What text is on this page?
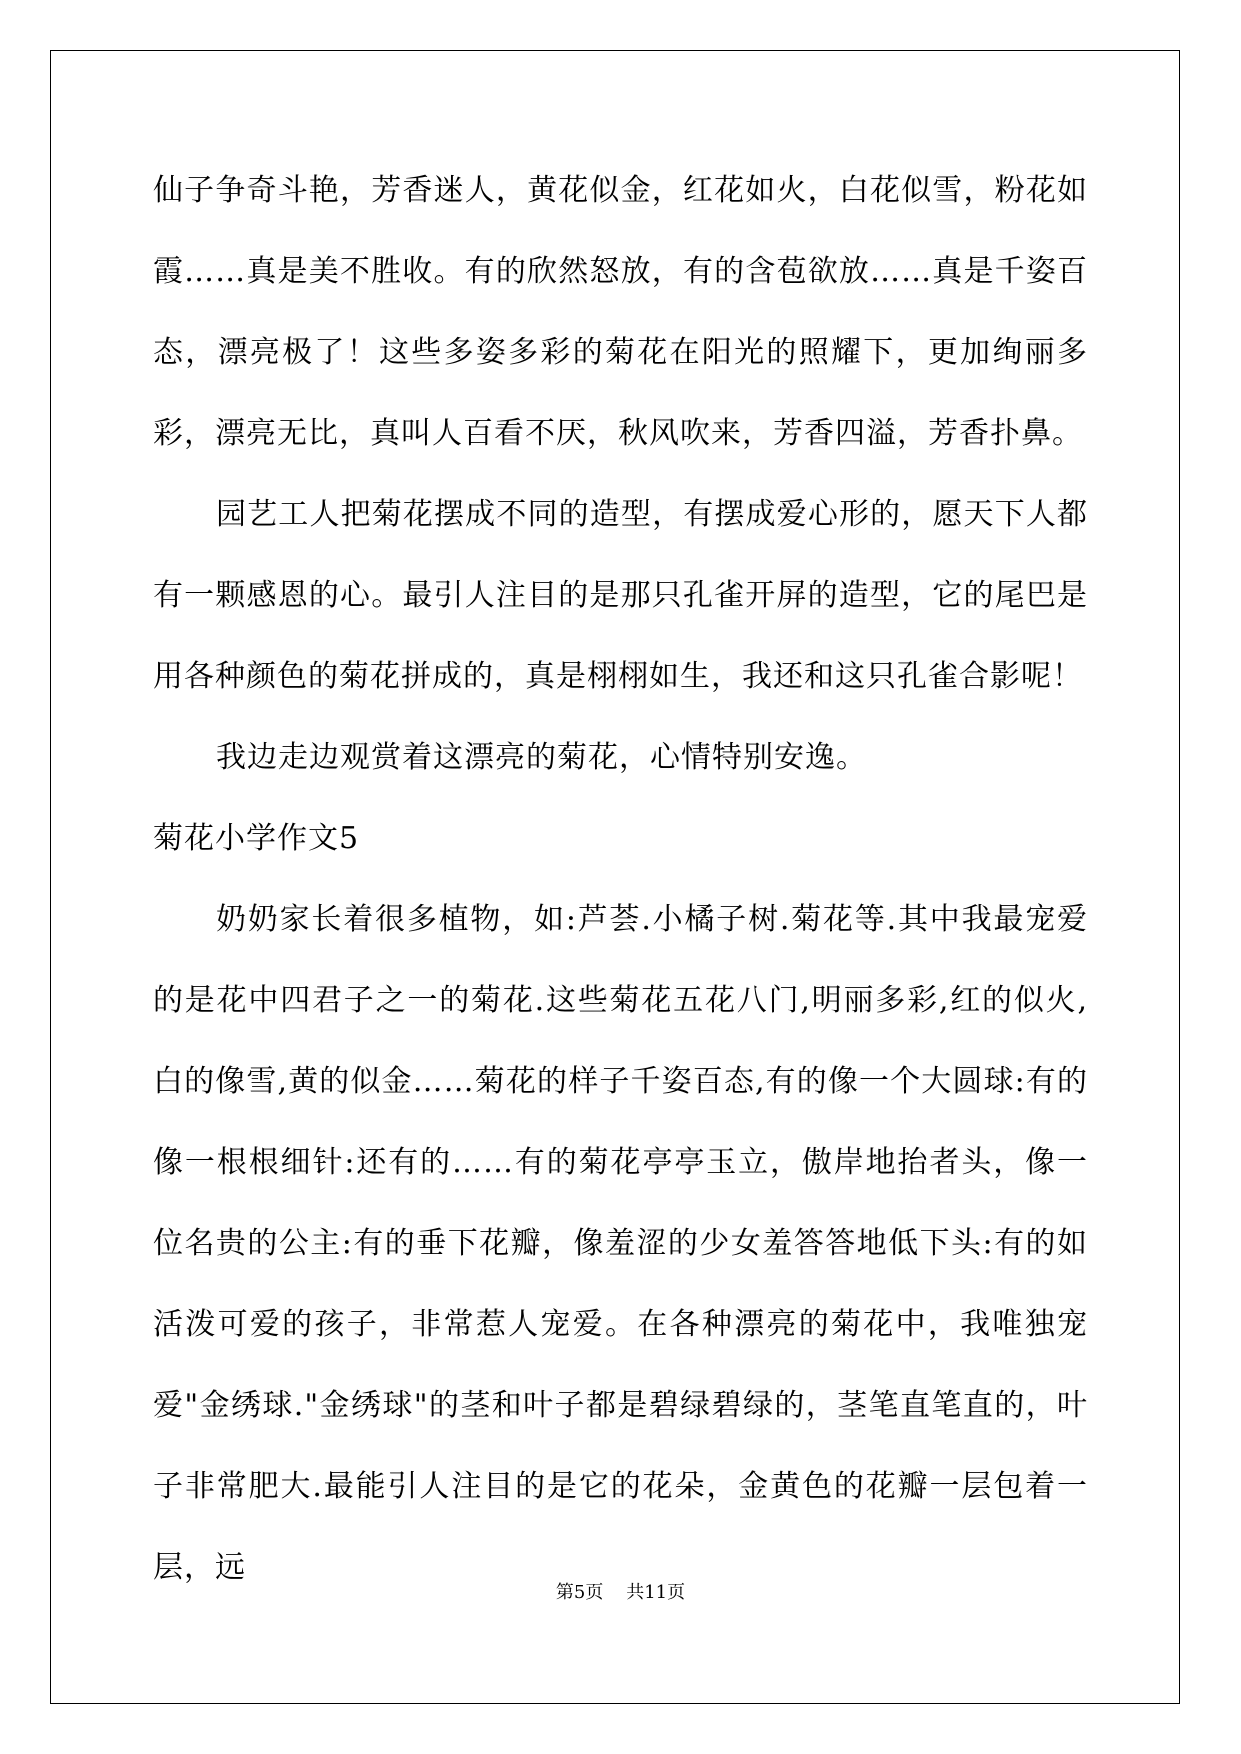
仙子争奇斗艳，芳香迷人，黄花似金，红花如火，白花似雪，粉花如霞……真是美不胜收。有的欣然怒放，有的含苞欲放……真是千姿百态，漂亮极了！这些多姿多彩的菊花在阳光的照耀下，更加绚丽多彩，漂亮无比，真叫人百看不厌，秋风吹来，芳香四溢，芳香扑鼻。

园艺工人把菊花摆成不同的造型，有摆成爱心形的，愿天下人都有一颗感恩的心。最引人注目的是那只孔雀开屏的造型，它的尾巴是用各种颜色的菊花拼成的，真是栩栩如生，我还和这只孔雀合影呢！

我边走边观赏着这漂亮的菊花，心情特别安逸。

菊花小学作文5

奶奶家长着很多植物，如:芦荟.小橘子树.菊花等.其中我最宠爱的是花中四君子之一的菊花.这些菊花五花八门,明丽多彩,红的似火,白的像雪,黄的似金……菊花的样子千姿百态,有的像一个大圆球:有的像一根根细针:还有的……有的菊花亭亭玉立，傲岸地抬者头，像一位名贵的公主:有的垂下花瓣，像羞涩的少女羞答答地低下头:有的如活泼可爱的孩子，非常惹人宠爱。在各种漂亮的菊花中，我唯独宠爱"金绣球."金绣球"的茎和叶子都是碧绿碧绿的，茎笔直笔直的，叶子非常肥大.最能引人注目的是它的花朵，金黄色的花瓣一层包着一层，远

第5页    共11页
